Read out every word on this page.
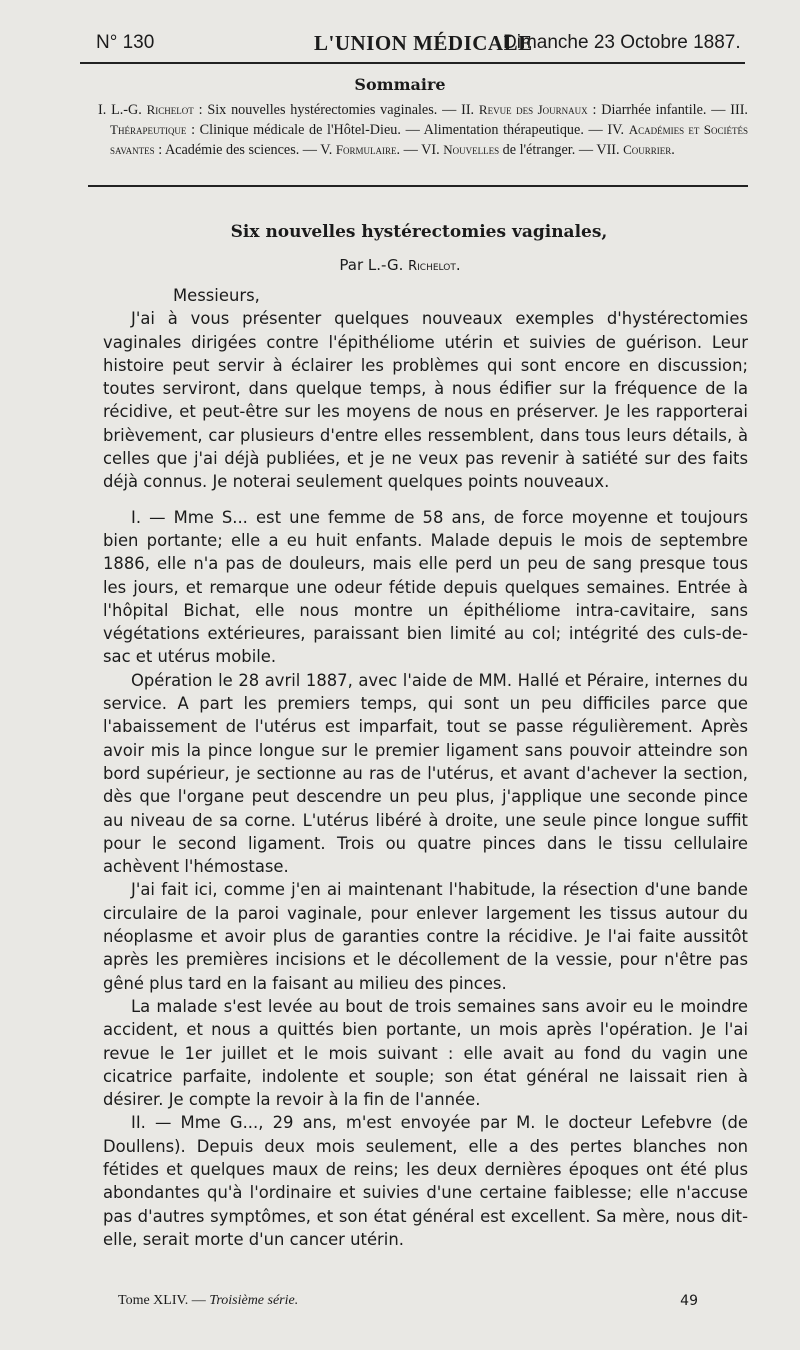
N° 130	L'UNION MÉDICALE
Dimanche 23 Octobre 1887.
Sommaire
I. L.-G. Richelot : Six nouvelles hystérectomies vaginales. — II. Revue des Journaux : Diarrhée infantile. — III. Thérapeutique : Clinique médicale de l'Hôtel-Dieu. — Alimentation thérapeutique. — IV. Académies et Sociétés savantes : Académie des sciences. — V. Formulaire. — VI. Nouvelles de l'étranger. — VII. Courrier.
Six nouvelles hystérectomies vaginales,
Par L.-G. Richelot.

Messieurs,

J'ai à vous présenter quelques nouveaux exemples d'hystérectomies vaginales dirigées contre l'épithéliome utérin et suivies de guérison. Leur histoire peut servir à éclairer les problèmes qui sont encore en discussion; toutes serviront, dans quelque temps, à nous édifier sur la fréquence de la récidive, et peut-être sur les moyens de nous en préserver. Je les rapporterai brièvement, car plusieurs d'entre elles ressemblent, dans tous leurs détails, à celles que j'ai déjà publiées, et je ne veux pas revenir à satiété sur des faits déjà connus. Je noterai seulement quelques points nouveaux.

I. — Mme S... est une femme de 58 ans, de force moyenne et toujours bien portante; elle a eu huit enfants. Malade depuis le mois de septembre 1886, elle n'a pas de douleurs, mais elle perd un peu de sang presque tous les jours, et remarque une odeur fétide depuis quelques semaines. Entrée à l'hôpital Bichat, elle nous montre un épithéliome intra-cavitaire, sans végétations extérieures, paraissant bien limité au col; intégrité des culs-de-sac et utérus mobile.

Opération le 28 avril 1887, avec l'aide de MM. Hallé et Péraire, internes du service. A part les premiers temps, qui sont un peu difficiles parce que l'abaissement de l'utérus est imparfait, tout se passe régulièrement. Après avoir mis la pince longue sur le premier ligament sans pouvoir atteindre son bord supérieur, je sectionne au ras de l'utérus, et avant d'achever la section, dès que l'organe peut descendre un peu plus, j'applique une seconde pince au niveau de sa corne. L'utérus libéré à droite, une seule pince longue suffit pour le second ligament. Trois ou quatre pinces dans le tissu cellulaire achèvent l'hémostase.

J'ai fait ici, comme j'en ai maintenant l'habitude, la résection d'une bande circulaire de la paroi vaginale, pour enlever largement les tissus autour du néoplasme et avoir plus de garanties contre la récidive. Je l'ai faite aussitôt après les premières incisions et le décollement de la vessie, pour n'être pas gêné plus tard en la faisant au milieu des pinces.

La malade s'est levée au bout de trois semaines sans avoir eu le moindre accident, et nous a quittés bien portante, un mois après l'opération. Je l'ai revue le 1er juillet et le mois suivant : elle avait au fond du vagin une cicatrice parfaite, indolente et souple; son état général ne laissait rien à désirer. Je compte la revoir à la fin de l'année.

II. — Mme G..., 29 ans, m'est envoyée par M. le docteur Lefebvre (de Doullens). Depuis deux mois seulement, elle a des pertes blanches non fétides et quelques maux de reins; les deux dernières époques ont été plus abondantes qu'à l'ordinaire et suivies d'une certaine faiblesse; elle n'accuse pas d'autres symptômes, et son état général est excellent. Sa mère, nous dit-elle, serait morte d'un cancer utérin.

Tome XLIV. — Troisième série.	49
